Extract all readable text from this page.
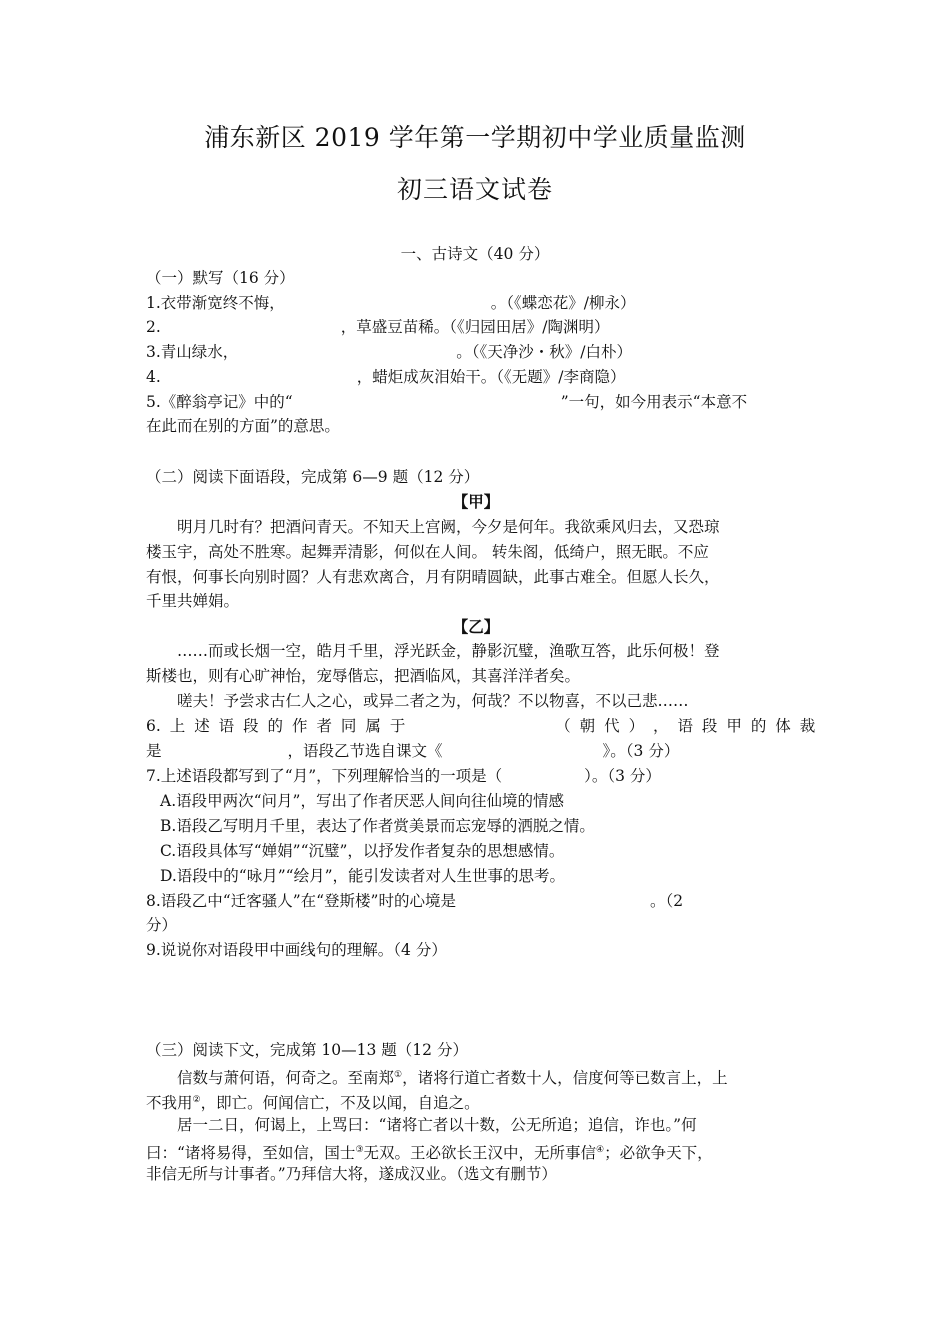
浦东新区 2019 学年第一学期初中学业质量监测
初三语文试卷
一、古诗文（40 分）
（一）默写（16 分）
1.衣带渐宽终不悔，	。（《蝶恋花》/柳永）
2.	，草盛豆苗稀。（《归园田居》/陶渊明）
3.青山绿水，	。（《天净沙・秋》/白朴）
4.	，蜡炬成灰泪始干。（《无题》/李商隐）
5.《醉翁亭记》中的“	”一句，如今用表示“本意不
在此而在别的方面”的意思。
（二）阅读下面语段，完成第 6—9 题（12 分）
【甲】
明月几时有？把酒问青天。不知天上宫阙，今夕是何年。我欲乘风归去，又恐琼
楼玉宇，高处不胜寒。起舞弄清影，何似在人间。 转朱阁，低绮户，照无眠。不应
有恨，何事长向别时圆？人有悲欢离合，月有阴晴圆缺，此事古难全。但愿人长久，
千里共婵娟。
【乙】
……而或长烟一空，皓月千里，浮光跃金，静影沉璧，渔歌互答，此乐何极！登
斯楼也，则有心旷神怡，宠辱偕忘，把酒临风，其喜洋洋者矣。
嗟夫！予尝求古仁人之心，或异二者之为，何哉？不以物喜，不以己悲……
6. 上 述 语 段 的 作 者 同 属 于	（ 朝 代 ） ， 语 段 甲 的 体 裁
是	，语段乙节选自课文《	》。（3 分）
7.上述语段都写到了“月”，下列理解恰当的一项是（	）。（3 分）
A.语段甲两次“问月”，写出了作者厌恶人间向往仙境的情感
B.语段乙写明月千里，表达了作者赏美景而忘宠辱的洒脱之情。
C.语段具体写“婵娟”“沉璧”，以抒发作者复杂的思想感情。
D.语段中的“咏月”“绘月”，能引发读者对人生世事的思考。
8.语段乙中“迁客骚人”在“登斯楼”时的心境是	。（2
分）
9.说说你对语段甲中画线句的理解。（4 分）
（三）阅读下文，完成第 10—13 题（12 分）
信数与萧何语，何奇之。至南郑①，诸将行道亡者数十人，信度何等已数言上，上
不我用②，即亡。何闻信亡，不及以闻，自追之。
居一二日，何谒上，上骂曰：“诸将亡者以十数，公无所追；追信，诈也。”何
曰：“诸将易得，至如信，国士③无双。王必欲长王汉中，无所事信④；必欲争天下，
非信无所与计事者。”乃拜信大将，遂成汉业。（选文有删节）
